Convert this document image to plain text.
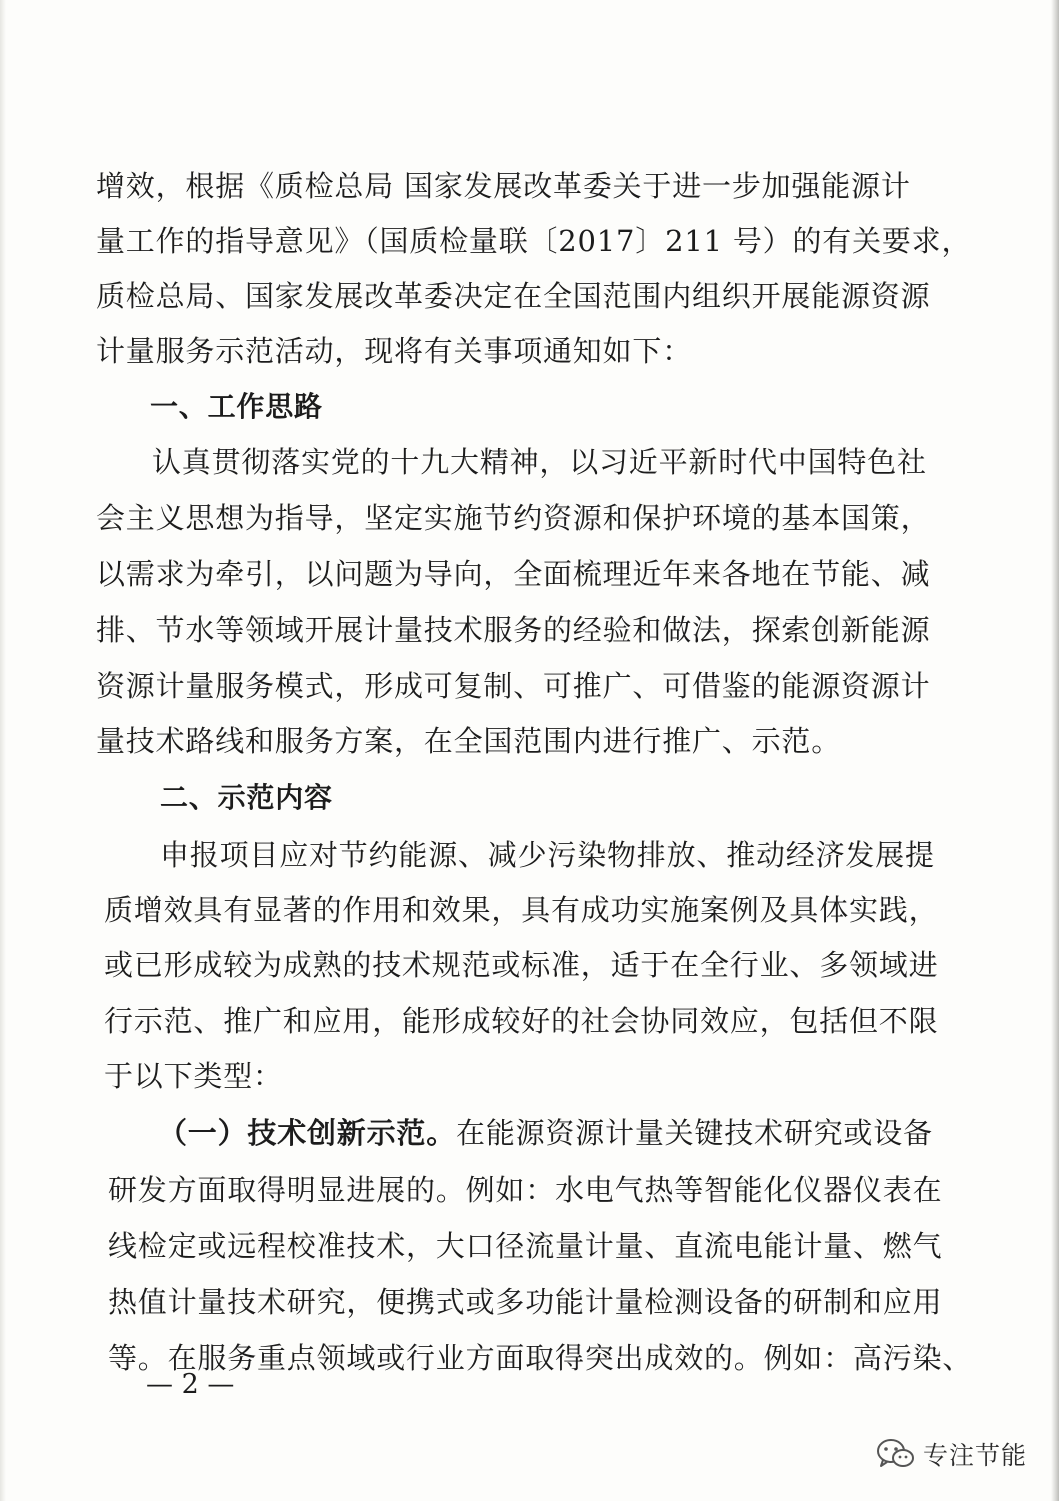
增效，根据《质检总局 国家发展改革委关于进一步加强能源计
量工作的指导意见》（国质检量联〔2017〕211 号）的有关要求，
质检总局、国家发展改革委决定在全国范围内组织开展能源资源
计量服务示范活动，现将有关事项通知如下：
一、工作思路
认真贯彻落实党的十九大精神，以习近平新时代中国特色社
会主义思想为指导，坚定实施节约资源和保护环境的基本国策，
以需求为牵引，以问题为导向，全面梳理近年来各地在节能、减
排、节水等领域开展计量技术服务的经验和做法，探索创新能源
资源计量服务模式，形成可复制、可推广、可借鉴的能源资源计
量技术路线和服务方案，在全国范围内进行推广、示范。
二、示范内容
申报项目应对节约能源、减少污染物排放、推动经济发展提
质增效具有显著的作用和效果，具有成功实施案例及具体实践，
或已形成较为成熟的技术规范或标准，适于在全行业、多领域进
行示范、推广和应用，能形成较好的社会协同效应，包括但不限
于以下类型：
（一）技术创新示范。在能源资源计量关键技术研究或设备
研发方面取得明显进展的。例如：水电气热等智能化仪器仪表在
线检定或远程校准技术，大口径流量计量、直流电能计量、燃气
热值计量技术研究，便携式或多功能计量检测设备的研制和应用
等。在服务重点领域或行业方面取得突出成效的。例如：高污染、
— 2 —
专注节能
